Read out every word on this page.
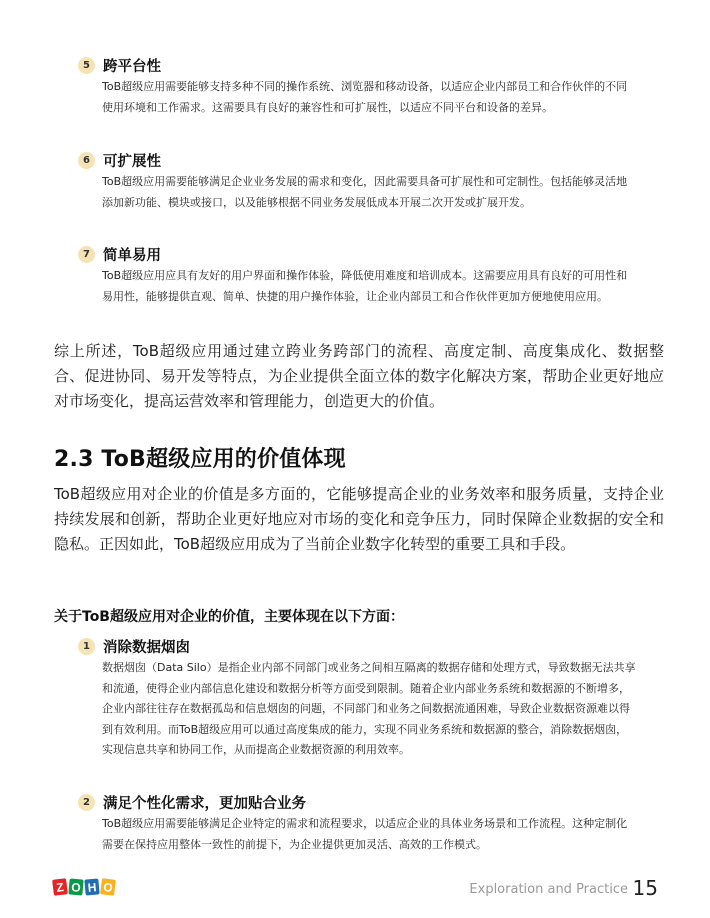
5 跨平台性
ToB超级应用需要能够支持多种不同的操作系统、浏览器和移动设备，以适应企业内部员工和合作伙伴的不同使用环境和工作需求。这需要具有良好的兼容性和可扩展性，以适应不同平台和设备的差异。
6 可扩展性
ToB超级应用需要能够满足企业业务发展的需求和变化，因此需要具备可扩展性和可定制性。包括能够灵活地添加新功能、模块或接口，以及能够根据不同业务发展低成本开展二次开发或扩展开发。
7 简单易用
ToB超级应用应具有友好的用户界面和操作体验，降低使用难度和培训成本。这需要应用具有良好的可用性和易用性，能够提供直观、简单、快捷的用户操作体验，让企业内部员工和合作伙伴更加方便地使用应用。
综上所述，ToB超级应用通过建立跨业务跨部门的流程、高度定制、高度集成化、数据整合、促进协同、易开发等特点，为企业提供全面立体的数字化解决方案，帮助企业更好地应对市场变化，提高运营效率和管理能力，创造更大的价值。
2.3 ToB超级应用的价值体现
ToB超级应用对企业的价值是多方面的，它能够提高企业的业务效率和服务质量，支持企业持续发展和创新，帮助企业更好地应对市场的变化和竞争压力，同时保障企业数据的安全和隐私。正因如此，ToB超级应用成为了当前企业数字化转型的重要工具和手段。
关于ToB超级应用对企业的价值，主要体现在以下方面：
1 消除数据烟囱
数据烟囱（Data Silo）是指企业内部不同部门或业务之间相互隔离的数据存储和处理方式，导致数据无法共享和流通，使得企业内部信息化建设和数据分析等方面受到限制。随着企业内部业务系统和数据源的不断增多，企业内部往往存在数据孤岛和信息烟囱的问题，不同部门和业务之间数据流通困难，导致企业数据资源难以得到有效利用。而ToB超级应用可以通过高度集成的能力，实现不同业务系统和数据源的整合，消除数据烟囱，实现信息共享和协同工作，从而提高企业数据资源的利用效率。
2 满足个性化需求，更加贴合业务
ToB超级应用需要能够满足企业特定的需求和流程要求，以适应企业的具体业务场景和工作流程。这种定制化需要在保持应用整体一致性的前提下，为企业提供更加灵活、高效的工作模式。
Z O H O	Exploration and Practice 15
